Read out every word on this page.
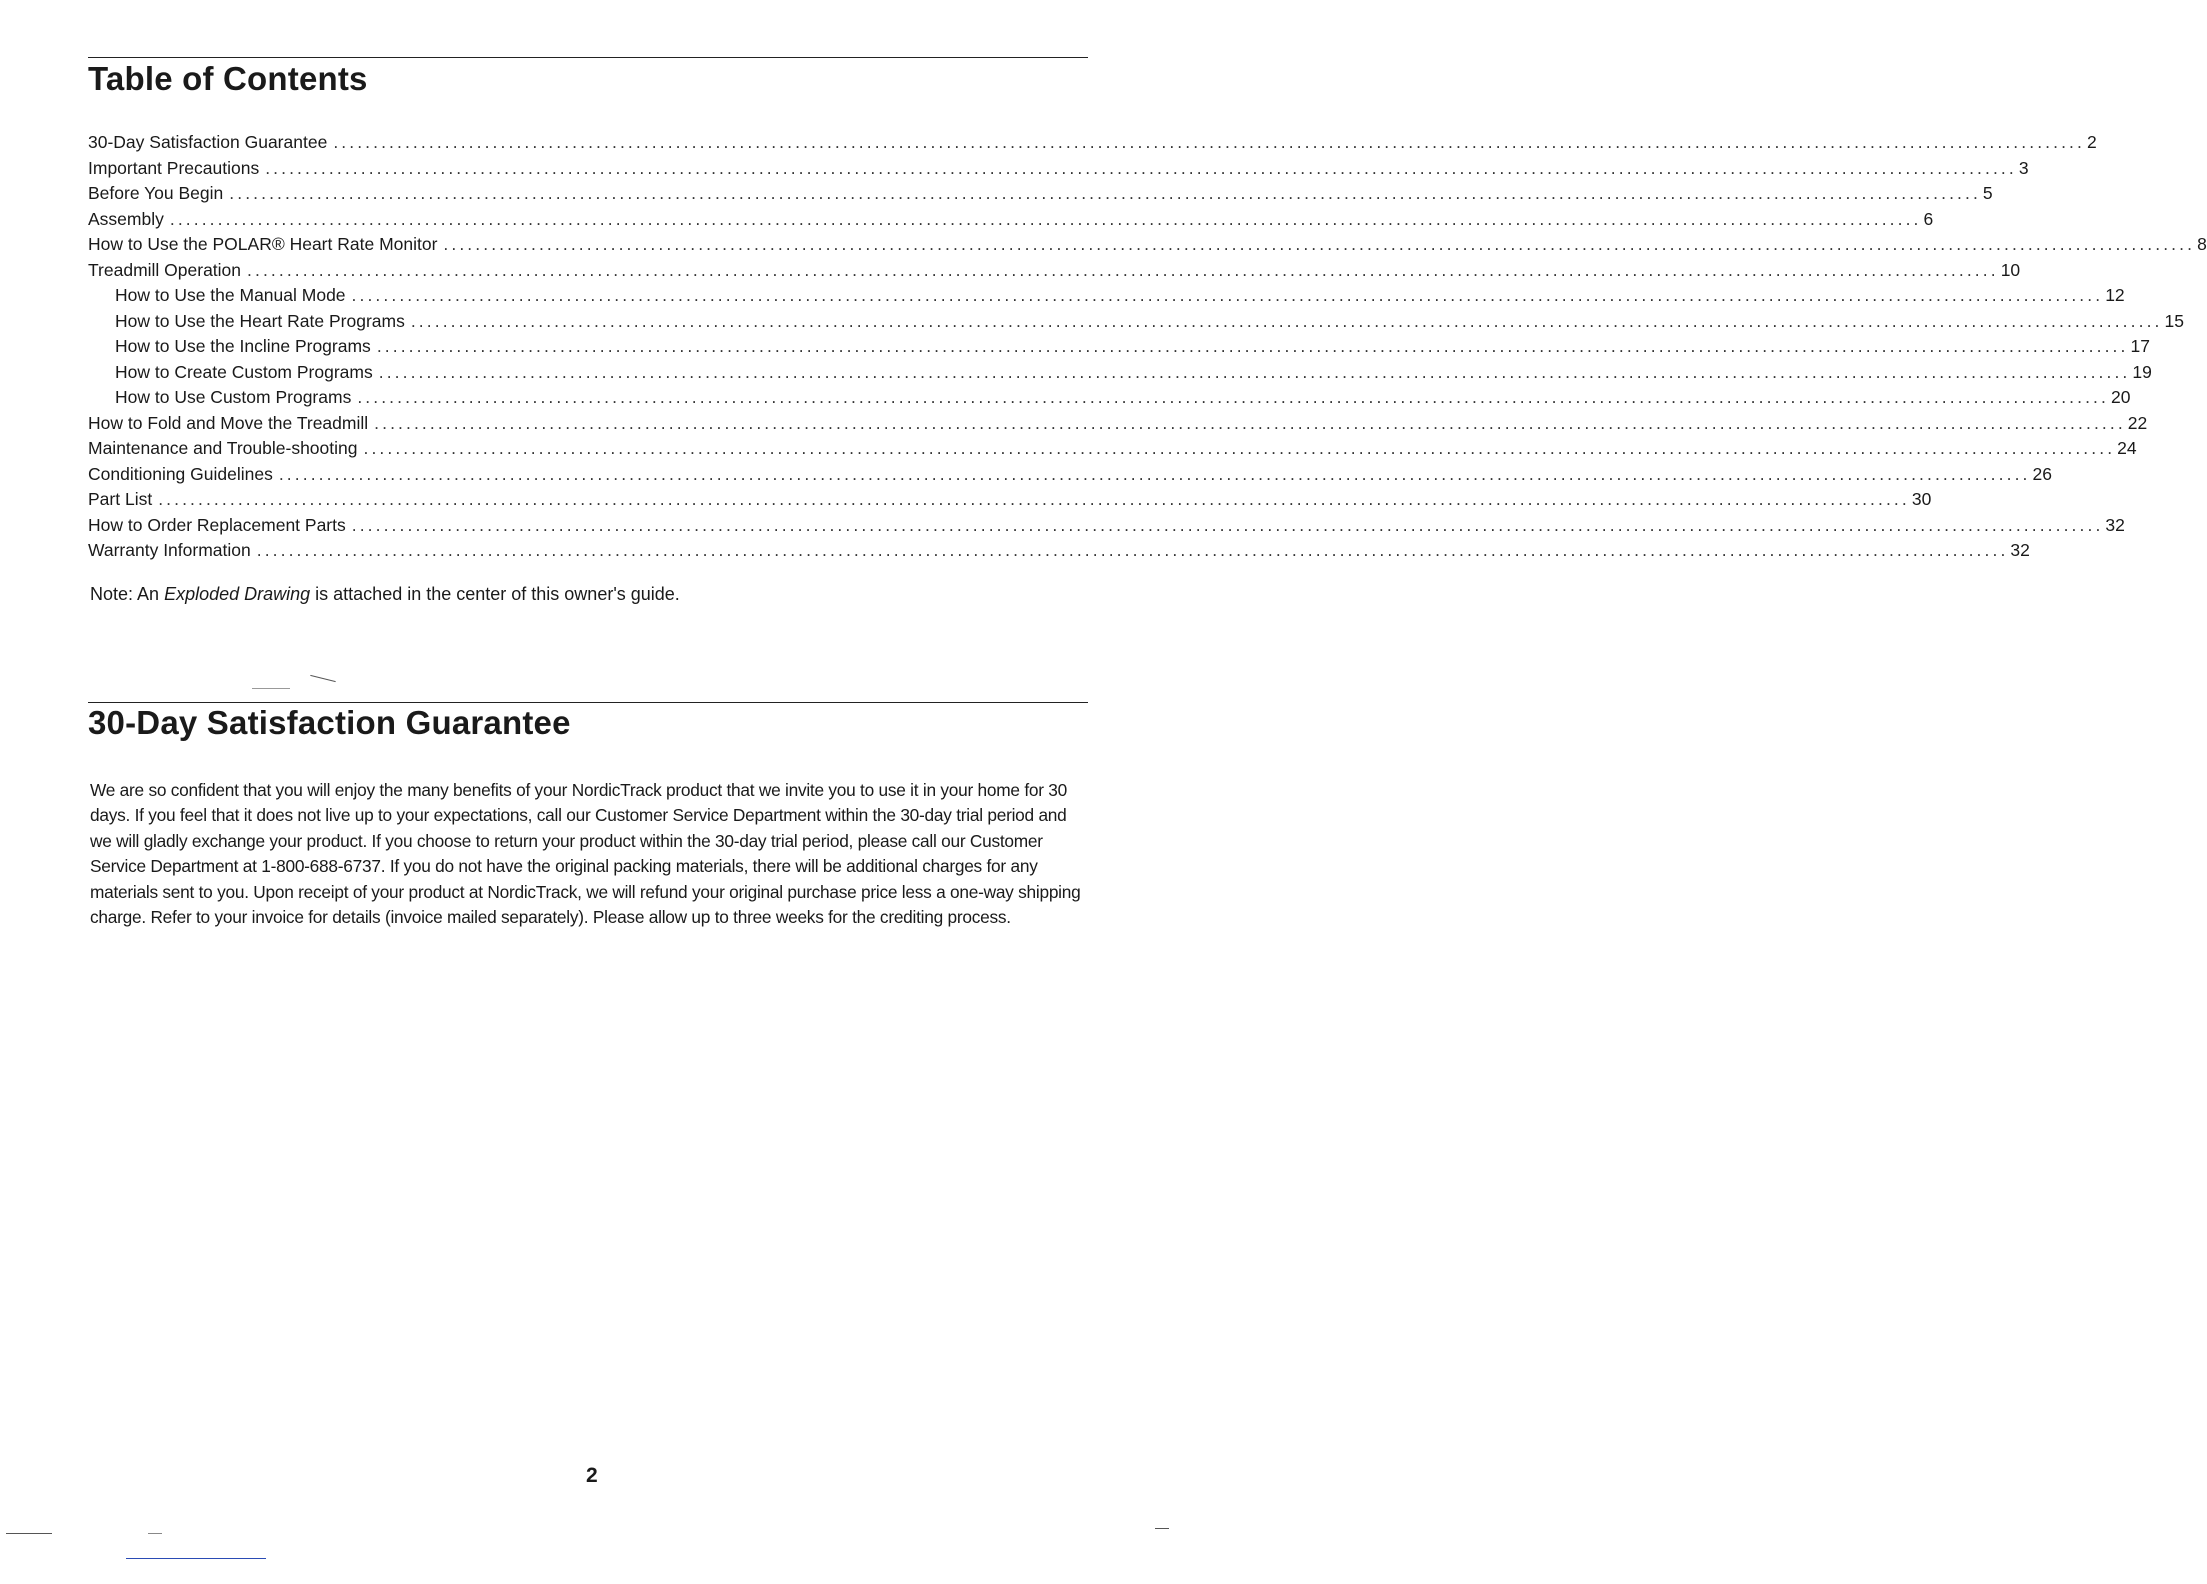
Table of Contents
30-Day Satisfaction Guarantee ............................................................................................................................................................................................................................ 2
Important Precautions ............................................................................................................................................................................................................................ 3
Before You Begin ............................................................................................................................................................................................................................ 5
Assembly ............................................................................................................................................................................................................................ 6
How to Use the POLAR® Heart Rate Monitor ............................................................................................................................................................................................................................ 8
Treadmill Operation ............................................................................................................................................................................................................................ 10
How to Use the Manual Mode ............................................................................................................................................................................................................................ 12
How to Use the Heart Rate Programs ............................................................................................................................................................................................................................ 15
How to Use the Incline Programs ............................................................................................................................................................................................................................ 17
How to Create Custom Programs ............................................................................................................................................................................................................................ 19
How to Use Custom Programs ............................................................................................................................................................................................................................ 20
How to Fold and Move the Treadmill ............................................................................................................................................................................................................................ 22
Maintenance and Trouble-shooting ............................................................................................................................................................................................................................ 24
Conditioning Guidelines ............................................................................................................................................................................................................................ 26
Part List ............................................................................................................................................................................................................................ 30
How to Order Replacement Parts ............................................................................................................................................................................................................................ 32
Warranty Information ............................................................................................................................................................................................................................ 32

Note: An Exploded Drawing is attached in the center of this owner's guide.

30-Day Satisfaction Guarantee

We are so confident that you will enjoy the many benefits of your NordicTrack product that we invite you to use it in your home for 30 days. If you feel that it does not live up to your expectations, call our Customer Service Department within the 30-day trial period and we will gladly exchange your product. If you choose to return your product within the 30-day trial period, please call our Customer Service Department at 1-800-688-6737. If you do not have the original packing materials, there will be additional charges for any materials sent to you. Upon receipt of your product at NordicTrack, we will refund your original purchase price less a one-way shipping charge. Refer to your invoice for details (invoice mailed separately). Please allow up to three weeks for the crediting process.

2
